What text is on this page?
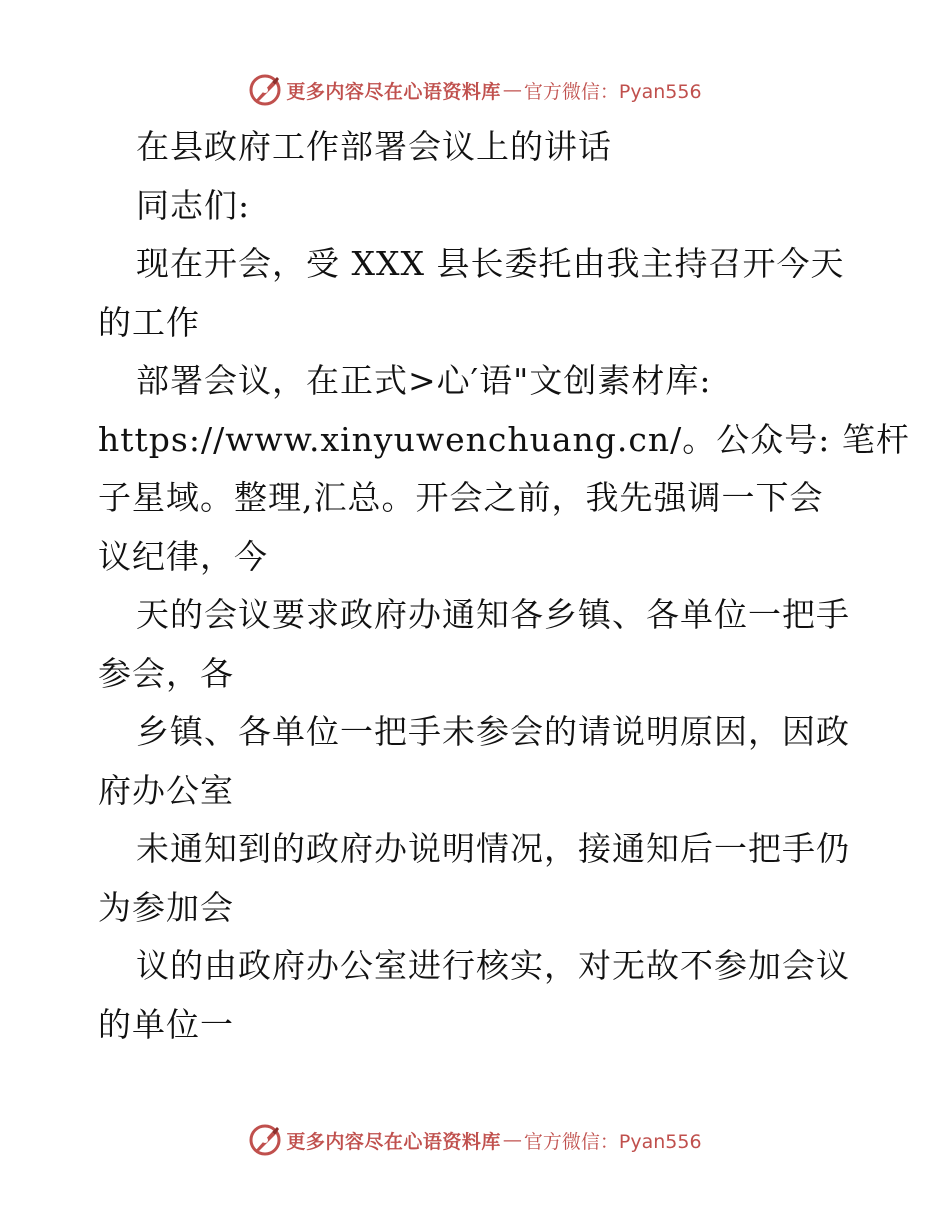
更多内容尽在心语资料库 — 官方微信：Pyan556
在县政府工作部署会议上的讲话
同志们:
现在开会，受 XXX 县长委托由我主持召开今天
的工作
部署会议，在正式>心′语"文创素材库:
https://www.xinyuwenchuang.cn/。公众号: 笔杆
子星域。整理,汇总。开会之前，我先强调一下会
议纪律，今
天的会议要求政府办通知各乡镇、各单位一把手
参会，各
乡镇、各单位一把手未参会的请说明原因，因政
府办公室
未通知到的政府办说明情况，接通知后一把手仍
为参加会
议的由政府办公室进行核实，对无故不参加会议
的单位一
更多内容尽在心语资料库 — 官方微信：Pyan556
